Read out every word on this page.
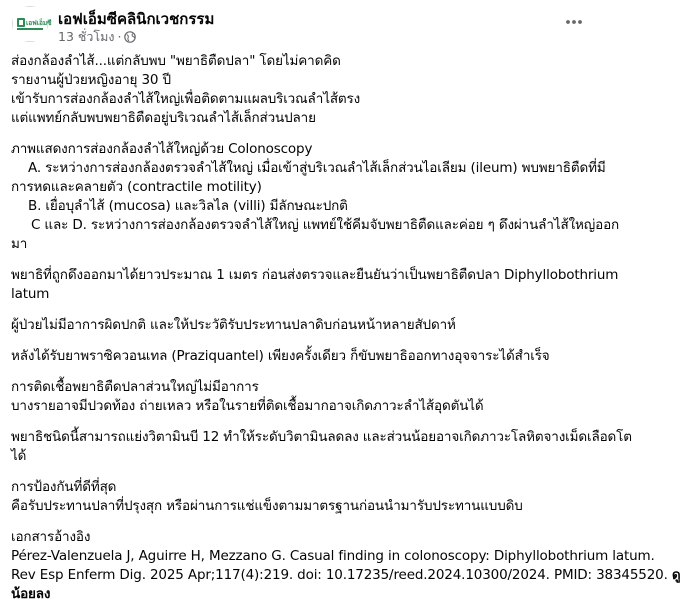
เอฟเอ็มซี เอฟเอ็มซีคลินิกเวชกรรม
13 ชั่วโมง ·
ส่องกล้องลำไส้...แต่กลับพบ "พยาธิตืดปลา" โดยไม่คาดคิด
รายงานผู้ป่วยหญิงอายุ 30 ปี
เข้ารับการส่องกล้องลำไส้ใหญ่เพื่อติดตามแผลบริเวณลำไส้ตรง
แต่แพทย์กลับพบพยาธิตืดอยู่บริเวณลำไส้เล็กส่วนปลาย
ภาพแสดงการส่องกล้องลำไส้ใหญ่ด้วย Colonoscopy
A. ระหว่างการส่องกล้องตรวจลำไส้ใหญ่ เมื่อเข้าสู่บริเวณลำไส้เล็กส่วนไอเลียม (ileum) พบพยาธิตืดที่มี
การหดและคลายตัว (contractile motility)
B. เยื่อบุลำไส้ (mucosa) และวิลไล (villi) มีลักษณะปกติ
C และ D. ระหว่างการส่องกล้องตรวจลำไส้ใหญ่ แพทย์ใช้คีมจับพยาธิตืดและค่อย ๆ ดึงผ่านลำไส้ใหญ่ออก
มา
พยาธิที่ถูกดึงออกมาได้ยาวประมาณ 1 เมตร ก่อนส่งตรวจและยืนยันว่าเป็นพยาธิตืดปลา Diphyllobothrium
latum
ผู้ป่วยไม่มีอาการผิดปกติ และให้ประวัติรับประทานปลาดิบก่อนหน้าหลายสัปดาห์
หลังได้รับยาพราซิควอนเทล (Praziquantel) เพียงครั้งเดียว ก็ขับพยาธิออกทางอุจจาระได้สำเร็จ
การติดเชื้อพยาธิตืดปลาส่วนใหญ่ไม่มีอาการ
บางรายอาจมีปวดท้อง ถ่ายเหลว หรือในรายที่ติดเชื้อมากอาจเกิดภาวะลำไส้อุดตันได้
พยาธิชนิดนี้สามารถแย่งวิตามินบี 12 ทำให้ระดับวิตามินลดลง และส่วนน้อยอาจเกิดภาวะโลหิตจางเม็ดเลือดโต
ได้
การป้องกันที่ดีที่สุด
คือรับประทานปลาที่ปรุงสุก หรือผ่านการแช่แข็งตามมาตรฐานก่อนนำมารับประทานแบบดิบ
เอกสารอ้างอิง
Pérez-Valenzuela J, Aguirre H, Mezzano G. Casual finding in colonoscopy: Diphyllobothrium latum.
Rev Esp Enferm Dig. 2025 Apr;117(4):219. doi: 10.17235/reed.2024.10300/2024. PMID: 38345520. ดู
น้อยลง
